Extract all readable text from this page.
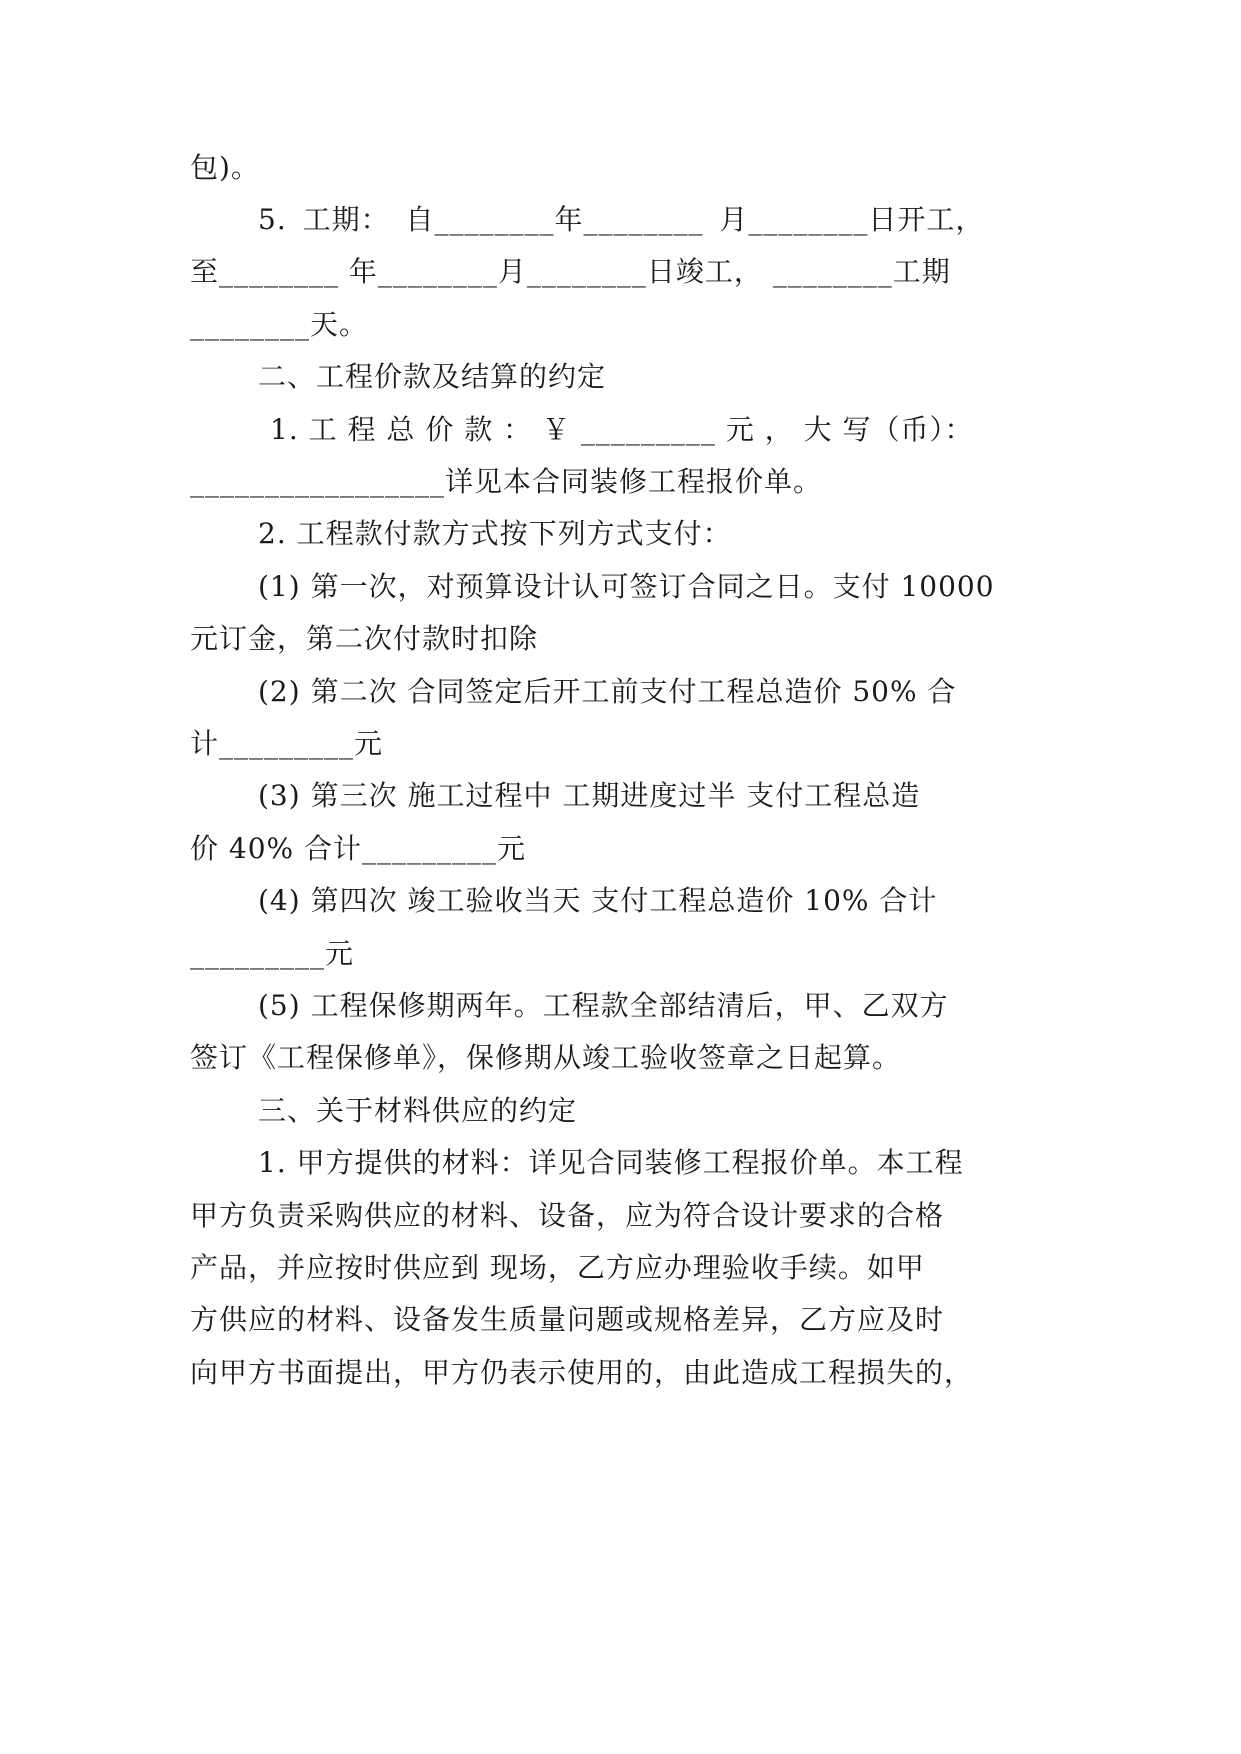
包)。
5. 工期： 自________年________ 月________日开工，
至________ 年________月________日竣工， ________工期
________天。
二、工程价款及结算的约定
1. 工 程 总 价 款 ： ￥ _________ 元 ， 大 写（币）：
_________________详见本合同装修工程报价单。
2. 工程款付款方式按下列方式支付：
(1) 第一次，对预算设计认可签订合同之日。支付 10000
元订金，第二次付款时扣除
(2) 第二次 合同签定后开工前支付工程总造价 50% 合
计_________元
(3) 第三次 施工过程中 工期进度过半 支付工程总造
价 40% 合计_________元
(4) 第四次 竣工验收当天 支付工程总造价 10% 合计
_________元
(5) 工程保修期两年。工程款全部结清后，甲、乙双方
签订《工程保修单》，保修期从竣工验收签章之日起算。
三、关于材料供应的约定
1. 甲方提供的材料：详见合同装修工程报价单。本工程
甲方负责采购供应的材料、设备，应为符合设计要求的合格
产品，并应按时供应到 现场，乙方应办理验收手续。如甲
方供应的材料、设备发生质量问题或规格差异，乙方应及时
向甲方书面提出，甲方仍表示使用的，由此造成工程损失的，
